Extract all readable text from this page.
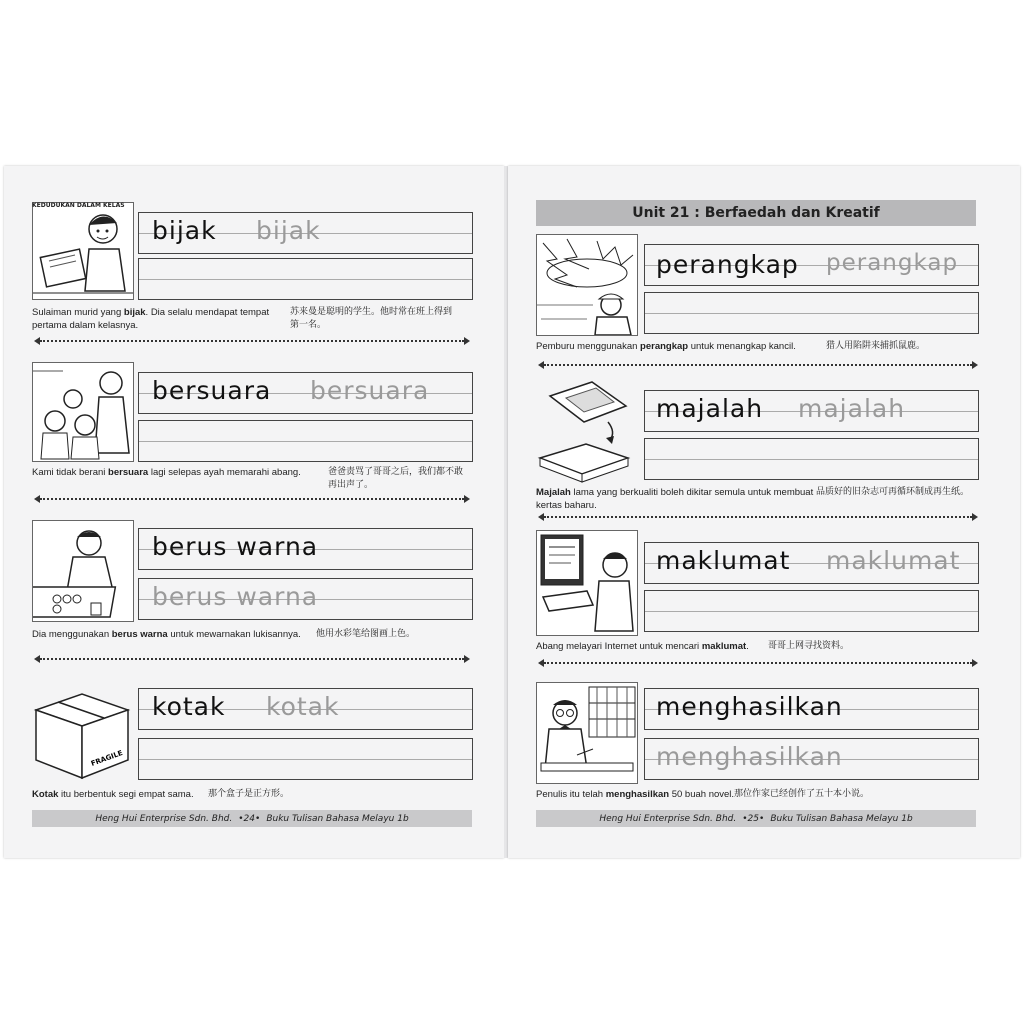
KEDUDUKAN DALAM KELAS
bijak bijak
Sulaiman murid yang bijak. Dia selalu mendapat tempat pertama dalam kelasnya.
苏来曼是聪明的学生。他时常在班上得到第一名。
bersuara bersuara
Kami tidak berani bersuara lagi selepas ayah memarahi abang.	爸爸责骂了哥哥之后，我们都不敢再出声了。
berus warna
berus warna
Dia menggunakan berus warna untuk mewarnakan lukisannya.	他用水彩笔给图画上色。
FRAGILE
kotak kotak
Kotak itu berbentuk segi empat sama.	那个盒子是正方形。
Heng Hui Enterprise Sdn. Bhd. •24• Buku Tulisan Bahasa Melayu 1b
Unit 21 : Berfaedah dan Kreatif
perangkap perangkap
Pemburu menggunakan perangkap untuk menangkap kancil.	猎人用陷阱来捕抓鼠鹿。
majalah majalah
Majalah lama yang berkualiti boleh dikitar semula untuk membuat kertas baharu.
品质好的旧杂志可再循环制成再生纸。
maklumat maklumat
Abang melayari Internet untuk mencari maklumat.	哥哥上网寻找资料。
menghasilkan
menghasilkan
Penulis itu telah menghasilkan 50 buah novel. 那位作家已经创作了五十本小说。
Heng Hui Enterprise Sdn. Bhd. •25• Buku Tulisan Bahasa Melayu 1b
